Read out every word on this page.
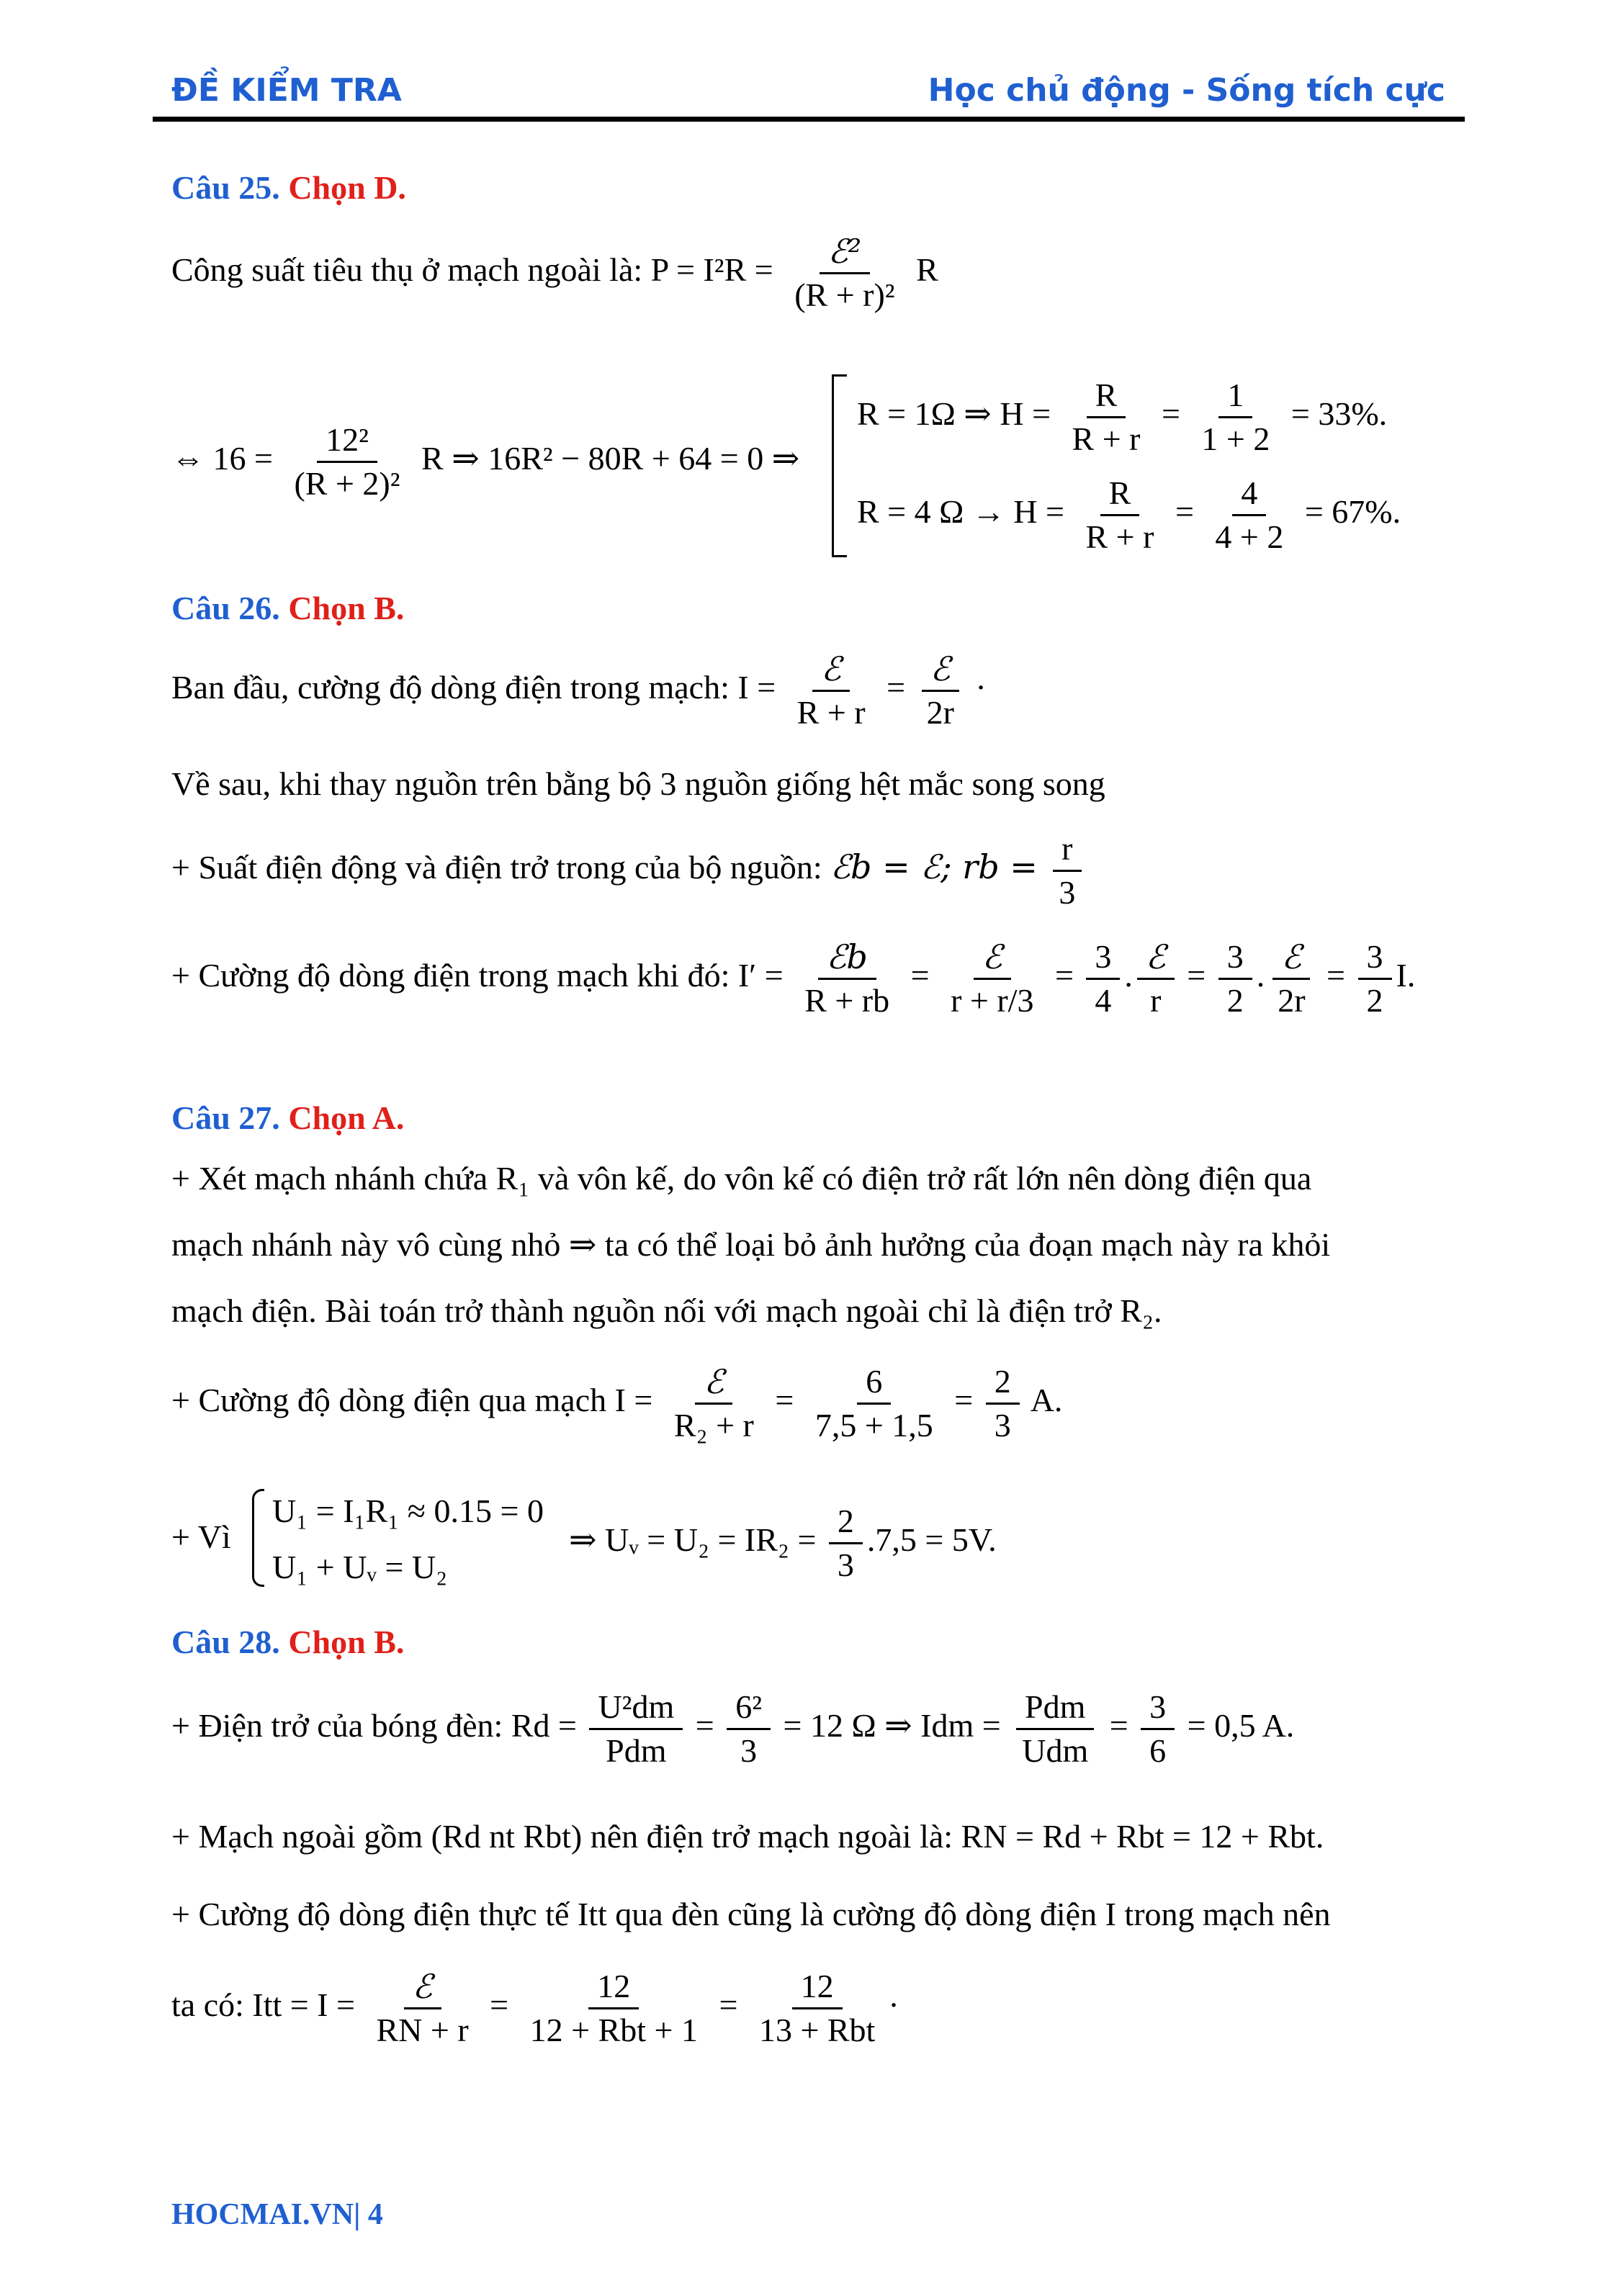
ĐỀ KIỂM TRA	Học chủ động - Sống tích cực
Câu 25. Chọn D.
Công suất tiêu thụ ở mạch ngoài là: P = I²R = ℰ²
(R + r)²
R
⇔ $16 = \frac{\text{12²}}{\text{(R + 2)²}}$ R ⇒ 16R² − 80R + 64 = 0 ⇒
R = 1Ω ⇒ $H = \frac{R}{R + r} = \frac{1}{1 + 2} = 33\%$.
R = 4 $\Omega \to H = \frac{R}{R + r} = \frac{4}{4 + 2} = 67\%$.
Câu 26. Chọn B.
Ban đầu, cường độ dòng điện trong mạch: I = ℰ
R + r
= ℰ
2r
·
Về sau, khi thay nguồn trên bằng bộ 3 nguồn giống hệt mắc song song
+ Suất điện động và điện trở trong của bộ nguồn: ℰb = ℰ; rb = $\frac{r}{3}$
+ Cường độ dòng điện trong mạch khi đó: I′ = ℰb
R + rb
= ℰ
r + r/3
= $\frac{3}{4}$ . ℰ
r
= $\frac{3}{2}$ . ℰ
2r
= $\frac{3}{2} I$.
Câu 27. Chọn A.
+ Xét mạch nhánh chứa R₁ và vôn kế, do vôn kế có điện trở rất lớn nên dòng điện qua
mạch nhánh này vô cùng nhỏ ⇒ ta có thể loại bỏ ảnh hưởng của đoạn mạch này ra khỏi
mạch điện. Bài toán trở thành nguồn nối với mạch ngoài chỉ là điện trở R₂.
+ Cường độ dòng điện qua mạch I = ℰ
R₂ + r
= $\frac{6}{7,5 + 1,5} = \frac{2}{3} A$.
+ Vì
U₁ = I₁R₁ ≈ 0.15 = 0
U₁ + Uᵥ = U₂
⇒ Uᵥ = $U_2 = IR_2 = \frac{2}{3} .7,5 = 5V$.
Câu 28. Chọn B.
+ Điện trở của bóng đèn: Rd =
U²dm
Pdm
= $\frac{\text{6²}}{3} = 12$ Ω ⇒ Idm =
Pdm
Udm
= $\frac{3}{6} = 0,5$ A.
+ Mạch ngoài gồm (Rd nt Rbt) nên điện trở mạch ngoài là: RN = Rd + Rbt = 12 + Rbt.
+ Cường độ dòng điện thực tế Itt qua đèn cũng là cường độ dòng điện I trong mạch nên
ta có: Itt = I = ℰ
RN + r
=
12
12 + Rbt + 1
=
12
13 + Rbt
·
HOCMAI.VN| 4
